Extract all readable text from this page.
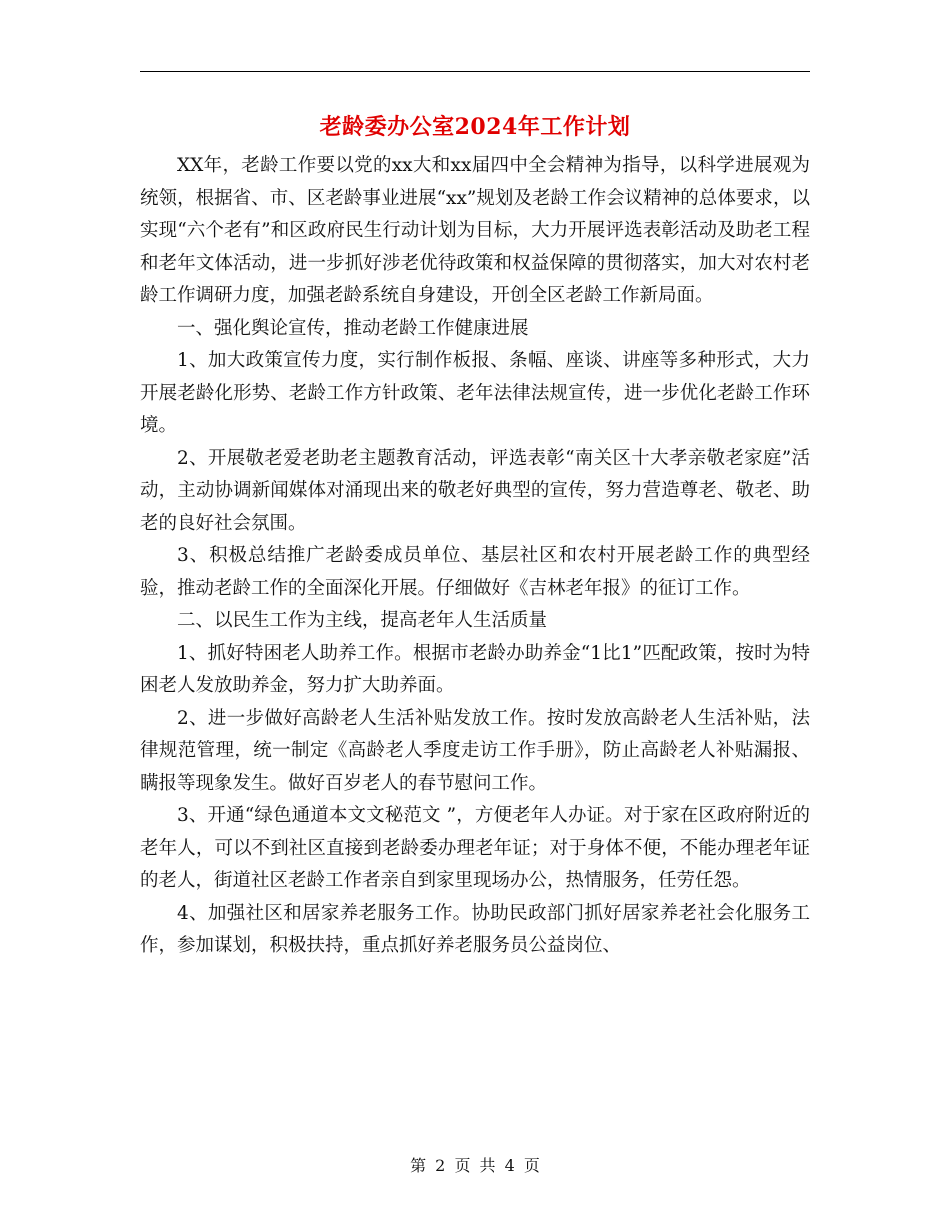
老龄委办公室2024年工作计划

XX年，老龄工作要以党的xx大和xx届四中全会精神为指导，以科学进展观为统领，根据省、市、区老龄事业进展“xx”规划及老龄工作会议精神的总体要求，以实现“六个老有”和区政府民生行动计划为目标，大力开展评选表彰活动及助老工程和老年文体活动，进一步抓好涉老优待政策和权益保障的贯彻落实，加大对农村老龄工作调研力度，加强老龄系统自身建设，开创全区老龄工作新局面。

一、强化舆论宣传，推动老龄工作健康进展

1、加大政策宣传力度，实行制作板报、条幅、座谈、讲座等多种形式，大力开展老龄化形势、老龄工作方针政策、老年法律法规宣传，进一步优化老龄工作环境。

2、开展敬老爱老助老主题教育活动，评选表彰“南关区十大孝亲敬老家庭”活动，主动协调新闻媒体对涌现出来的敬老好典型的宣传，努力营造尊老、敬老、助老的良好社会氛围。

3、积极总结推广老龄委成员单位、基层社区和农村开展老龄工作的典型经验，推动老龄工作的全面深化开展。仔细做好《吉林老年报》的征订工作。

二、以民生工作为主线，提高老年人生活质量

1、抓好特困老人助养工作。根据市老龄办助养金“1比1”匹配政策，按时为特困老人发放助养金，努力扩大助养面。

2、进一步做好高龄老人生活补贴发放工作。按时发放高龄老人生活补贴，法律规范管理，统一制定《高龄老人季度走访工作手册》，防止高龄老人补贴漏报、瞒报等现象发生。做好百岁老人的春节慰问工作。

3、开通“绿色通道本文文秘范文 ”，方便老年人办证。对于家在区政府附近的老年人，可以不到社区直接到老龄委办理老年证；对于身体不便，不能办理老年证的老人，街道社区老龄工作者亲自到家里现场办公，热情服务，任劳任怨。

4、加强社区和居家养老服务工作。协助民政部门抓好居家养老社会化服务工作，参加谋划，积极扶持，重点抓好养老服务员公益岗位、

第 2 页 共 4 页
